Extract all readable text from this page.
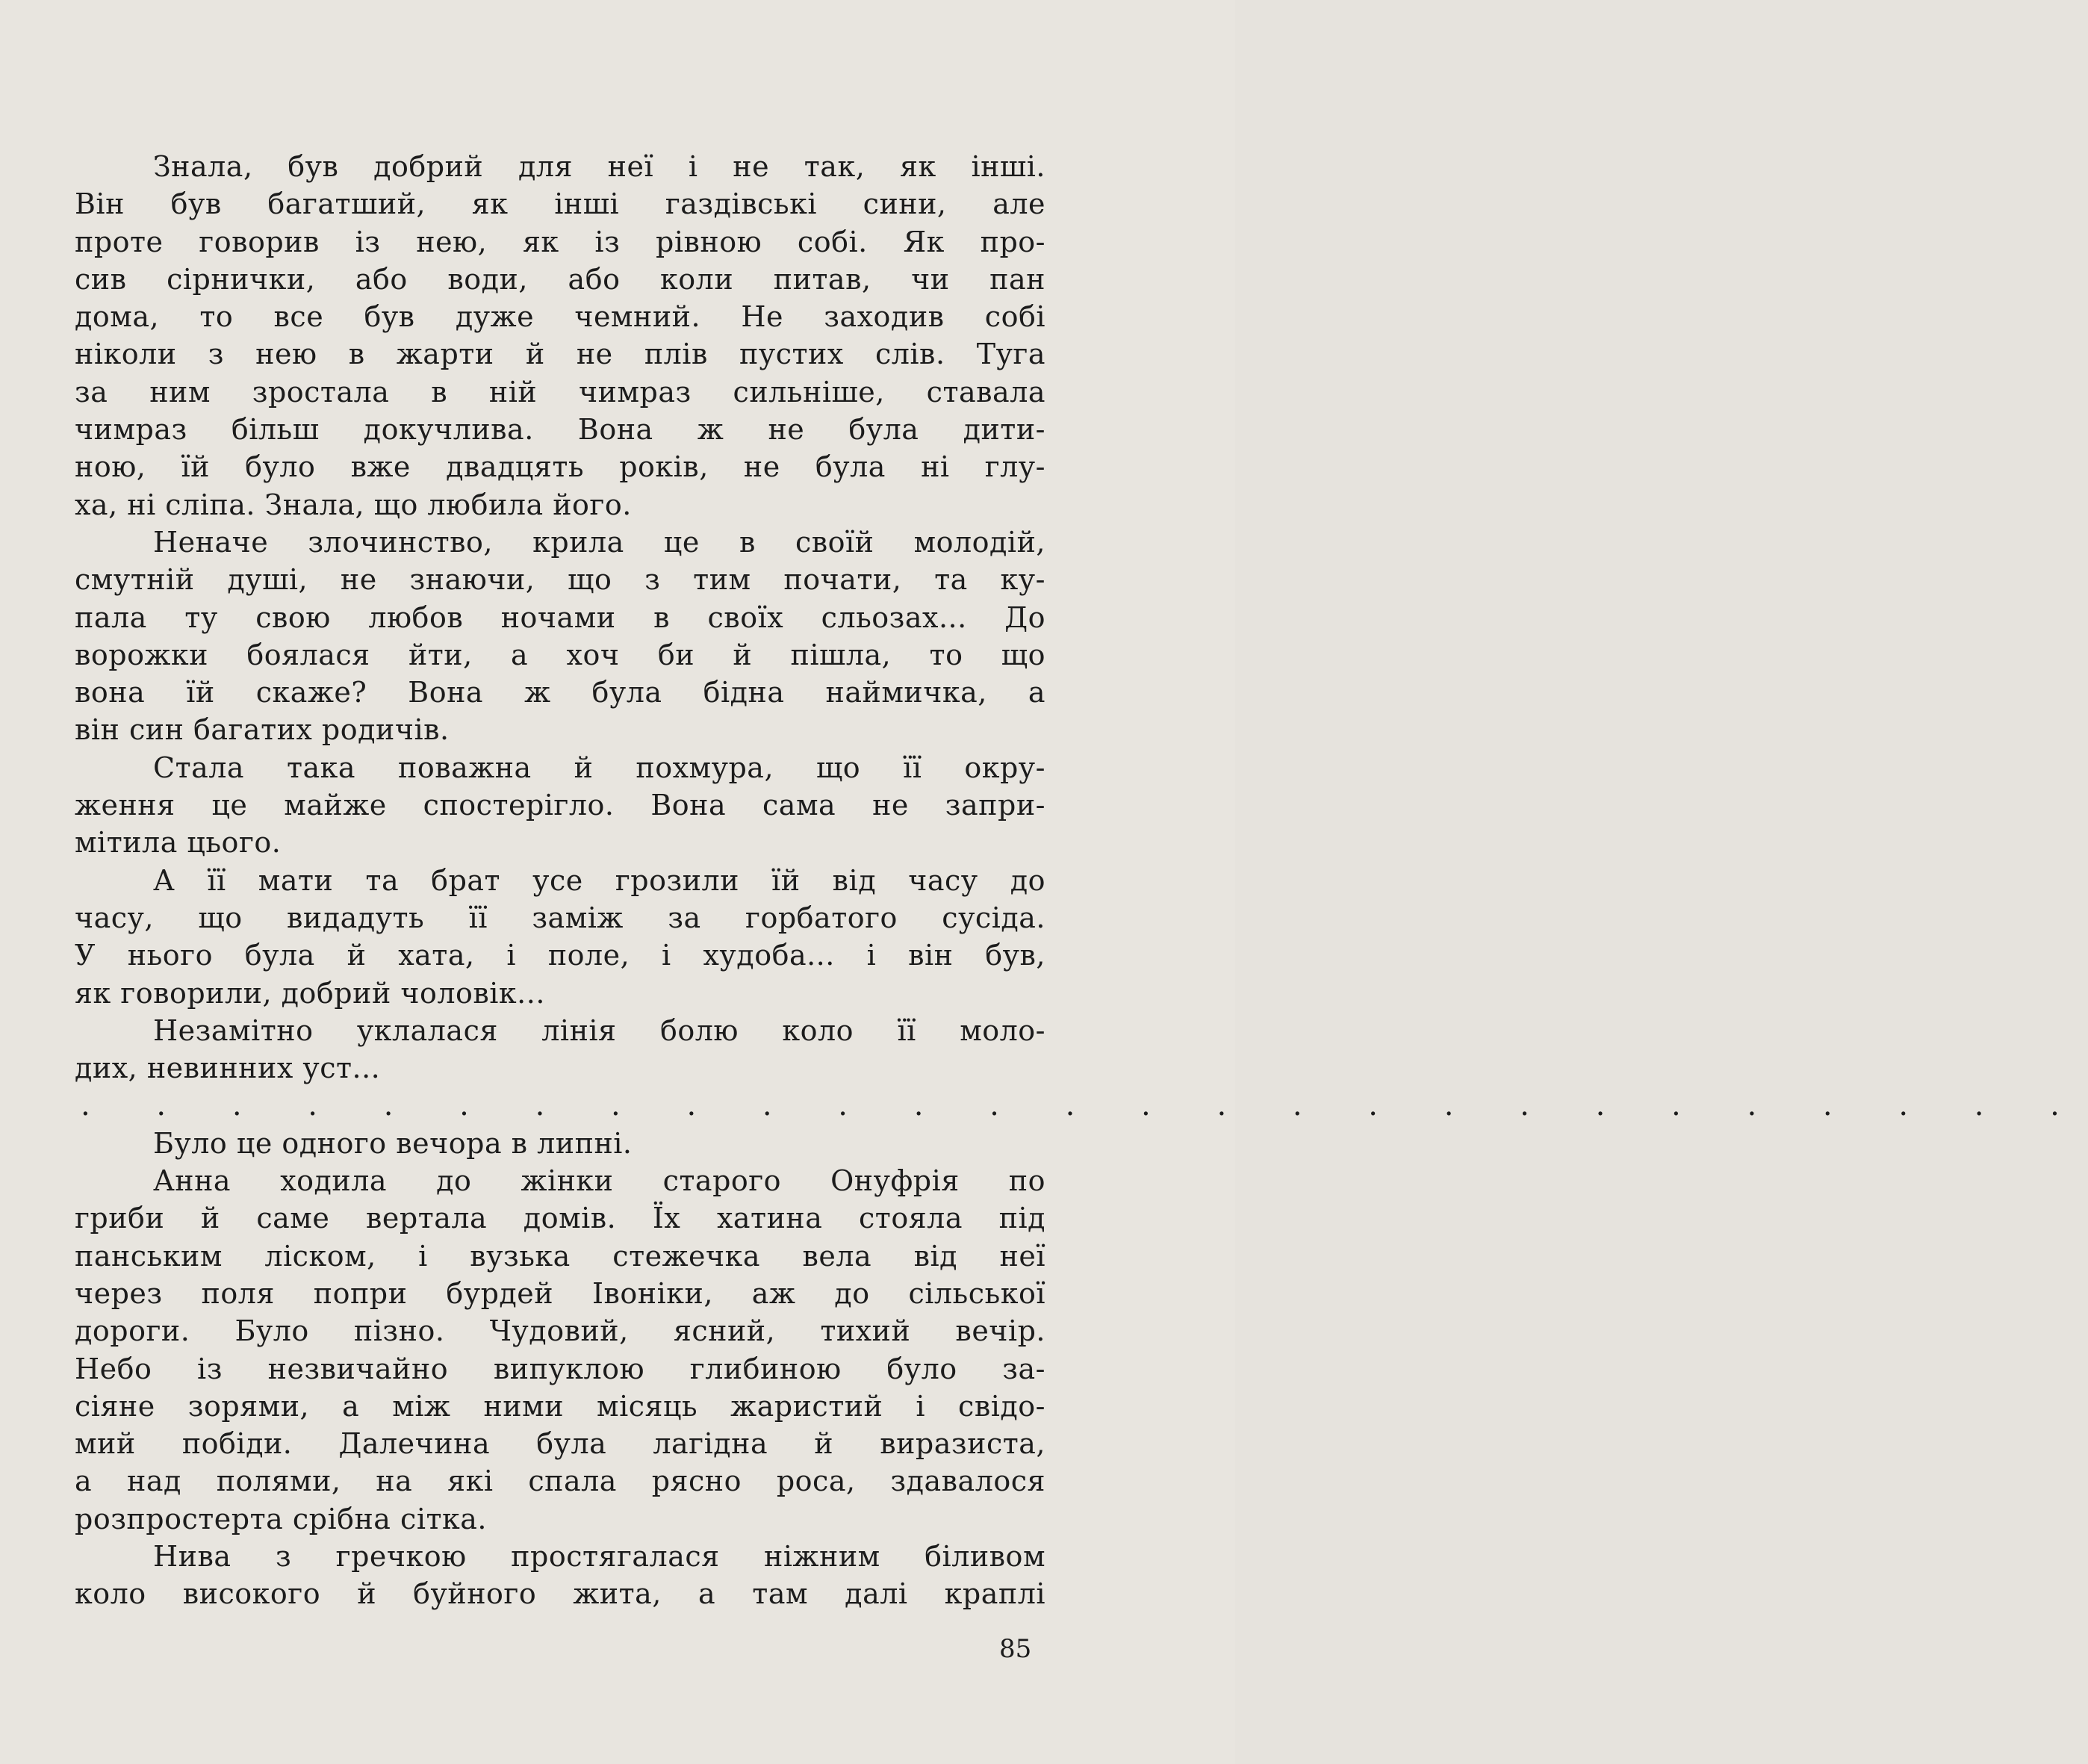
Знала, був добрий для неї і не так, як інші.
Він був багатший, як інші газдівські сини, але
проте говорив із нею, як із рівною собі. Як про-
сив сірнички, або води, або коли питав, чи пан
дома, то все був дуже чемний. Не заходив собі
ніколи з нею в жарти й не плів пустих слів. Туга
за ним зростала в ній чимраз сильніше, ставала
чимраз більш докучлива. Вона ж не була дити-
ною, їй було вже двадцять років, не була ні глу-
ха, ні сліпа. Знала, що любила його.
Неначе злочинство, крила це в своїй молодій,
смутній душі, не знаючи, що з тим почати, та ку-
пала ту свою любов ночами в своїх сльозах... До
ворожки боялася йти, а хоч би й пішла, то що
вона їй скаже? Вона ж була бідна наймичка, а
він син багатих родичів.
Стала така поважна й похмура, що її окру-
ження це майже спостерігло. Вона сама не запри-
мітила цього.
А її мати та брат усе грозили їй від часу до
часу, що видадуть її заміж за горбатого сусіда.
У нього була й хата, і поле, і худоба... і він був,
як говорили, добрий чоловік...
Незамітно уклалася лінія болю коло її моло-
дих, невинних уст...
. . . . . . . . . . . . . . . . . . . . . . . . . . .
Було це одного вечора в липні.
Анна ходила до жінки старого Онуфрія по
гриби й саме вертала домів. Їх хатина стояла під
панським ліском, і вузька стежечка вела від неї
через поля попри бурдей Івоніки, аж до сільської
дороги. Було пізно. Чудовий, ясний, тихий вечір.
Небо із незвичайно випуклою глибиною було за-
сіяне зорями, а між ними місяць жаристий і свідо-
мий побіди. Далечина була лагідна й виразиста,
а над полями, на які спала рясно роса, здавалося
розпростерта срібна сітка.
Нива з гречкою простягалася ніжним біливом
коло високого й буйного жита, а там далі краплі
85
